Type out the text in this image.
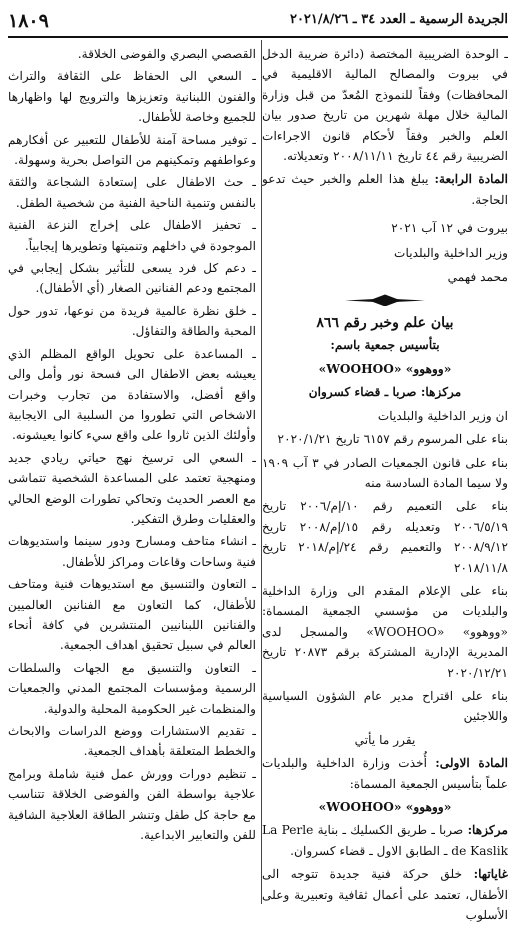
الجريدة الرسمية ـ العدد ٣٤ ـ ٢٠٢١/٨/٢٦
١٨٠٩

ـ الوحدة الضريبية المختصة (دائرة ضريبة الدخل في بيروت والمصالح المالية الاقليمية في المحافظات) وفقاً للنموذج المُعدّ من قبل وزارة المالية خلال مهلة شهرين من تاريخ صدور بيان العلم والخبر وفقاً لأحكام قانون الاجراءات الضريبية رقم ٤٤ تاريخ ٢٠٠٨/١١/١١ وتعديلاته.

المادة الرابعة: يبلغ هذا العلم والخبر حيث تدعو الحاجة.

بيروت في ١٢ آب ٢٠٢١

وزير الداخلية والبلديات

محمد فهمي

بيان علم وخبر رقم ٨٦٦

بتأسيس جمعية باسم:

«ووهوو» «WOOHOO»

مركزها: صربا ـ قضاء كسروان

ان وزير الداخلية والبلديات

بناء على المرسوم رقم ٦١٥٧ تاريخ ٢٠٢٠/١/٢١

بناء على قانون الجمعيات الصادر في ٣ آب ١٩٠٩ ولا سيما المادة السادسة منه

بناء على التعميم رقم ١٠/إم/٢٠٠٦ تاريخ ٢٠٠٦/٥/١٩ وتعديله رقم ١٥/إم/٢٠٠٨ تاريخ ٢٠٠٨/٩/١٢ والتعميم رقم ٢٤/إم/٢٠١٨ تاريخ ٢٠١٨/١١/٨

بناء على الإعلام المقدم الى وزارة الداخلية والبلديات من مؤسسي الجمعية المسماة: «ووهوو» «WOOHOO» والمسجل لدى المديرية الإدارية المشتركة برقم ٢٠٨٧٣ تاريخ ٢٠٢٠/١٢/٢١

بناء على اقتراح مدير عام الشؤون السياسية واللاجئين

يقرر ما يأتي

المادة الاولى: أُخذت وزارة الداخلية والبلديات علماً بتأسيس الجمعية المسماة:

«ووهوو» «WOOHOO»

مركزها: صربا ـ طريق الكسليك ـ بناية La Perle de Kaslik ـ الطابق الاول ـ قضاء كسروان.

غاياتها: خلق حركة فنية جديدة تتوجه الى الأطفال، تعتمد على أعمال ثقافية وتعبيرية وعلى الأسلوب

القصصي البصري والفوضى الخلاقة.

ـ السعي الى الحفاظ على الثقافة والتراث والفنون اللبنانية وتعزيزها والترويج لها واظهارها للجميع وخاصة للأطفال.

ـ توفير مساحة آمنة للأطفال للتعبير عن أفكارهم وعواطفهم وتمكينهم من التواصل بحرية وسهولة.

ـ حث الاطفال على إستعادة الشجاعة والثقة بالنفس وتنمية الناحية الفنية من شخصية الطفل.

ـ تحفيز الاطفال على إخراج النزعة الفنية الموجودة في داخلهم وتنميتها وتطويرها إيجابياً.

ـ دعم كل فرد يسعى للتأثير بشكل إيجابي في المجتمع ودعم الفنانين الصغار (أي الأطفال).

ـ خلق نظرة عالمية فريدة من نوعها، تدور حول المحبة والطاقة والتفاؤل.

ـ المساعدة على تحويل الواقع المظلم الذي يعيشه بعض الاطفال الى فسحة نور وأمل والى واقع أفضل، والاستفادة من تجارب وخبرات الاشخاص التي تطوروا من السلبية الى الايجابية وأولئك الذين ثاروا على واقع سيء كانوا يعيشونه.

ـ السعي الى ترسيخ نهج حياتي ريادي جديد ومنهجية تعتمد على المساعدة الشخصية تتماشى مع العصر الحديث وتحاكي تطورات الوضع الحالي والعقليات وطرق التفكير.

ـ انشاء متاحف ومسارح ودور سينما واستديوهات فنية وساحات وقاعات ومراكز للأطفال.

ـ التعاون والتنسيق مع استديوهات فنية ومتاحف للأطفال، كما التعاون مع الفنانين العالميين والفنانين اللبنانيين المنتشرين في كافة أنحاء العالم في سبيل تحقيق اهداف الجمعية.

ـ التعاون والتنسيق مع الجهات والسلطات الرسمية ومؤسسات المجتمع المدني والجمعيات والمنظمات غير الحكومية المحلية والدولية.

ـ تقديم الاستشارات ووضع الدراسات والابحاث والخطط المتعلقة بأهداف الجمعية.

ـ تنظيم دورات وورش عمل فنية شاملة وبرامج علاجية بواسطة الفن والفوضى الخلاقة تتناسب مع حاجة كل طفل وتنشر الطاقة العلاجية الشافية للفن والتعابير الابداعية.
